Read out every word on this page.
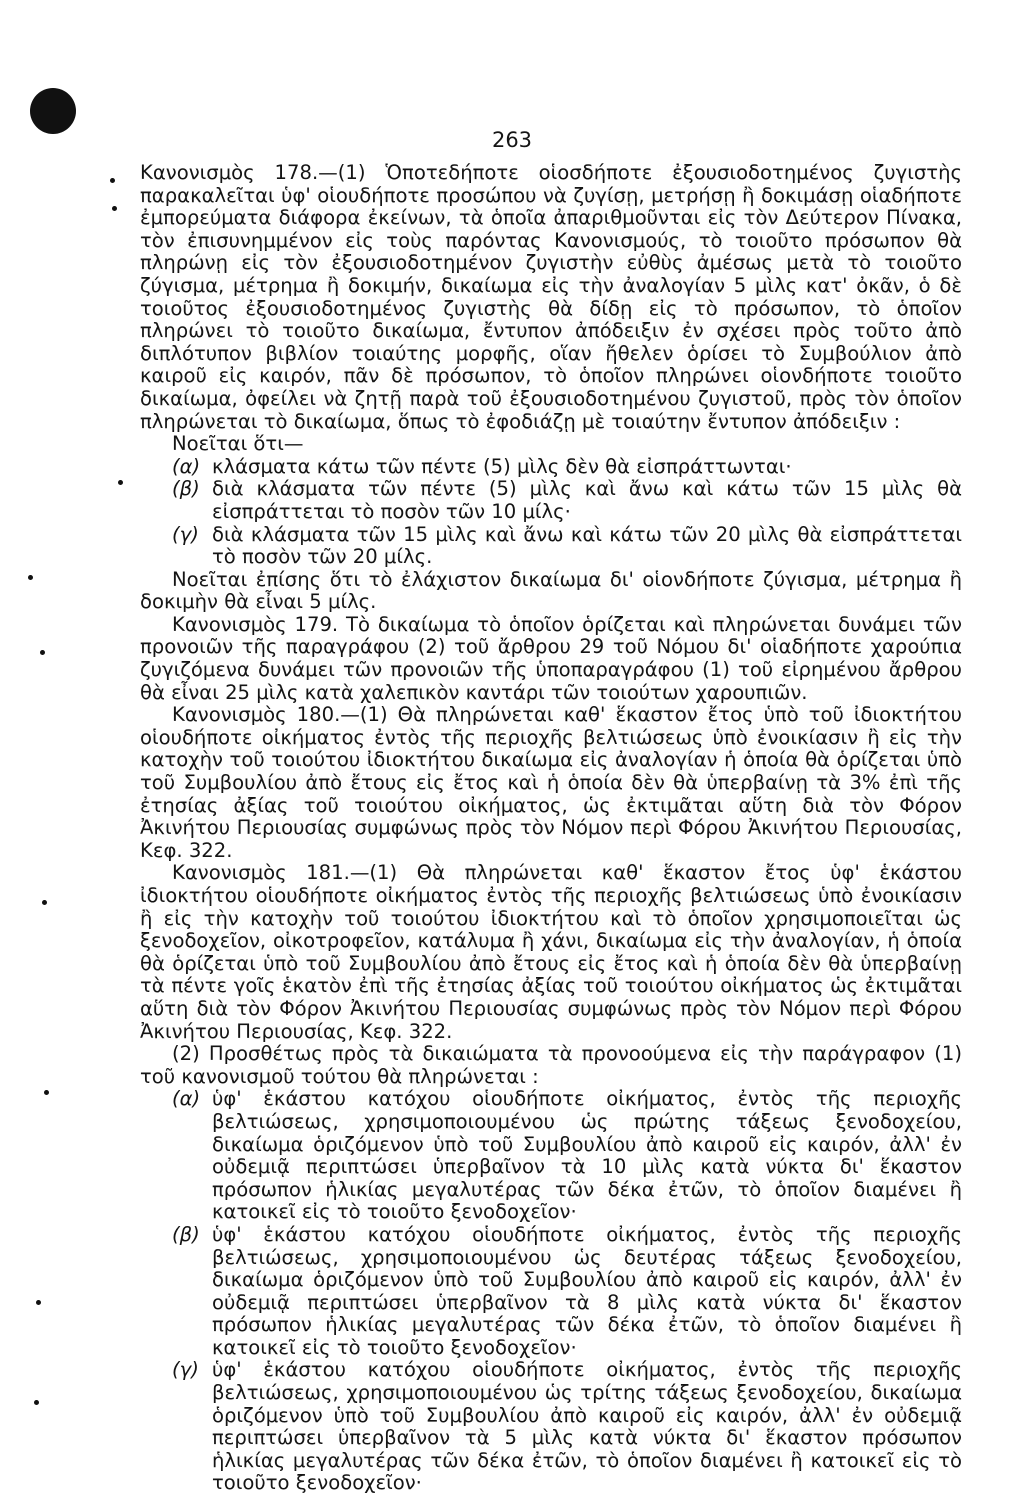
263

Κανονισμὸς 178.—(1) Ὁποτεδήποτε οἱοσδήποτε ἐξουσιοδοτημένος ζυγιστὴς παρακαλεῖται ὑφ' οἱουδήποτε προσώπου νὰ ζυγίσῃ, μετρήσῃ ἢ δοκιμάσῃ οἱαδήποτε ἐμπορεύματα διάφορα ἐκείνων, τὰ ὁποῖα ἀπαριθμοῦνται εἰς τὸν Δεύτερον Πίνακα, τὸν ἐπισυνημμένον εἰς τοὺς παρόντας Κανονισμούς, τὸ τοιοῦτο πρόσωπον θὰ πληρώνῃ εἰς τὸν ἐξουσιοδοτημένον ζυγιστὴν εὐθὺς ἀμέσως μετὰ τὸ τοιοῦτο ζύγισμα, μέτρημα ἢ δοκιμήν, δικαίωμα εἰς τὴν ἀναλογίαν 5 μὶλς κατ' ὀκᾶν, ὁ δὲ τοιοῦτος ἐξουσιοδοτημένος ζυγιστὴς θὰ δίδῃ εἰς τὸ πρόσωπον, τὸ ὁποῖον πληρώνει τὸ τοιοῦτο δικαίωμα, ἔντυπον ἀπόδειξιν ἐν σχέσει πρὸς τοῦτο ἀπὸ διπλότυπον βιβλίον τοιαύτης μορφῆς, οἵαν ἤθελεν ὁρίσει τὸ Συμβούλιον ἀπὸ καιροῦ εἰς καιρόν, πᾶν δὲ πρόσωπον, τὸ ὁποῖον πληρώνει οἱονδήποτε τοιοῦτο δικαίωμα, ὀφείλει νὰ ζητῇ παρὰ τοῦ ἐξουσιοδοτημένου ζυγιστοῦ, πρὸς τὸν ὁποῖον πληρώνεται τὸ δικαίωμα, ὅπως τὸ ἐφοδιάζῃ μὲ τοιαύτην ἔντυπον ἀπόδειξιν :

Νοεῖται ὅτι—

(α) κλάσματα κάτω τῶν πέντε (5) μὶλς δὲν θὰ εἰσπράττωνται·
(β) διὰ κλάσματα τῶν πέντε (5) μὶλς καὶ ἄνω καὶ κάτω τῶν 15 μὶλς θὰ εἰσπράττεται τὸ ποσὸν τῶν 10 μίλς·
(γ) διὰ κλάσματα τῶν 15 μὶλς καὶ ἄνω καὶ κάτω τῶν 20 μὶλς θὰ εἰσπράττεται τὸ ποσὸν τῶν 20 μίλς.

Νοεῖται ἐπίσης ὅτι τὸ ἐλάχιστον δικαίωμα δι' οἱονδήποτε ζύγισμα, μέτρημα ἢ δοκιμὴν θὰ εἶναι 5 μίλς.

Κανονισμὸς 179. Τὸ δικαίωμα τὸ ὁποῖον ὁρίζεται καὶ πληρώνεται δυνάμει τῶν προνοιῶν τῆς παραγράφου (2) τοῦ ἄρθρου 29 τοῦ Νόμου δι' οἱαδήποτε χαρούπια ζυγιζόμενα δυνάμει τῶν προνοιῶν τῆς ὑποπαραγράφου (1) τοῦ εἰρημένου ἄρθρου θὰ εἶναι 25 μὶλς κατὰ χαλεπικὸν καντάρι τῶν τοιούτων χαρουπιῶν.

Κανονισμὸς 180.—(1) Θὰ πληρώνεται καθ' ἕκαστον ἔτος ὑπὸ τοῦ ἰδιοκτήτου οἱουδήποτε οἰκήματος ἐντὸς τῆς περιοχῆς βελτιώσεως ὑπὸ ἐνοικίασιν ἢ εἰς τὴν κατοχὴν τοῦ τοιούτου ἰδιοκτήτου δικαίωμα εἰς ἀναλογίαν ἡ ὁποία θὰ ὁρίζεται ὑπὸ τοῦ Συμβουλίου ἀπὸ ἔτους εἰς ἔτος καὶ ἡ ὁποία δὲν θὰ ὑπερβαίνῃ τὰ 3% ἐπὶ τῆς ἐτησίας ἀξίας τοῦ τοιούτου οἰκήματος, ὡς ἐκτιμᾶται αὕτη διὰ τὸν Φόρον Ἀκινήτου Περιουσίας συμφώνως πρὸς τὸν Νόμον περὶ Φόρου Ἀκινήτου Περιουσίας, Κεφ. 322.

Κανονισμὸς 181.—(1) Θὰ πληρώνεται καθ' ἕκαστον ἔτος ὑφ' ἑκάστου ἰδιοκτήτου οἱουδήποτε οἰκήματος ἐντὸς τῆς περιοχῆς βελτιώσεως ὑπὸ ἐνοικίασιν ἢ εἰς τὴν κατοχὴν τοῦ τοιούτου ἰδιοκτήτου καὶ τὸ ὁποῖον χρησιμοποιεῖται ὡς ξενοδοχεῖον, οἰκοτροφεῖον, κατάλυμα ἢ χάνι, δικαίωμα εἰς τὴν ἀναλογίαν, ἡ ὁποία θὰ ὁρίζεται ὑπὸ τοῦ Συμβουλίου ἀπὸ ἔτους εἰς ἔτος καὶ ἡ ὁποία δὲν θὰ ὑπερβαίνῃ τὰ πέντε γοῖς ἑκατὸν ἐπὶ τῆς ἐτησίας ἀξίας τοῦ τοιούτου οἰκήματος ὡς ἐκτιμᾶται αὕτη διὰ τὸν Φόρον Ἀκινήτου Περιουσίας συμφώνως πρὸς τὸν Νόμον περὶ Φόρου Ἀκινήτου Περιουσίας, Κεφ. 322.

(2) Προσθέτως πρὸς τὰ δικαιώματα τὰ προνοούμενα εἰς τὴν παράγραφον (1) τοῦ κανονισμοῦ τούτου θὰ πληρώνεται :

(α) ὑφ' ἑκάστου κατόχου οἱουδήποτε οἰκήματος, ἐντὸς τῆς περιοχῆς βελτιώσεως, χρησιμοποιουμένου ὡς πρώτης τάξεως ξενοδοχείου, δικαίωμα ὁριζόμενον ὑπὸ τοῦ Συμβουλίου ἀπὸ καιροῦ εἰς καιρόν, ἀλλ' ἐν οὐδεμιᾷ περιπτώσει ὑπερβαῖνον τὰ 10 μὶλς κατὰ νύκτα δι' ἕκαστον πρόσωπον ἡλικίας μεγαλυτέρας τῶν δέκα ἐτῶν, τὸ ὁποῖον διαμένει ἢ κατοικεῖ εἰς τὸ τοιοῦτο ξενοδοχεῖον·
(β) ὑφ' ἑκάστου κατόχου οἱουδήποτε οἰκήματος, ἐντὸς τῆς περιοχῆς βελτιώσεως, χρησιμοποιουμένου ὡς δευτέρας τάξεως ξενοδοχείου, δικαίωμα ὁριζόμενον ὑπὸ τοῦ Συμβουλίου ἀπὸ καιροῦ εἰς καιρόν, ἀλλ' ἐν οὐδεμιᾷ περιπτώσει ὑπερβαῖνον τὰ 8 μὶλς κατὰ νύκτα δι' ἕκαστον πρόσωπον ἡλικίας μεγαλυτέρας τῶν δέκα ἐτῶν, τὸ ὁποῖον διαμένει ἢ κατοικεῖ εἰς τὸ τοιοῦτο ξενοδοχεῖον·
(γ) ὑφ' ἑκάστου κατόχου οἱουδήποτε οἰκήματος, ἐντὸς τῆς περιοχῆς βελτιώσεως, χρησιμοποιουμένου ὡς τρίτης τάξεως ξενοδοχείου, δικαίωμα ὁριζόμενον ὑπὸ τοῦ Συμβουλίου ἀπὸ καιροῦ εἰς καιρόν, ἀλλ' ἐν οὐδεμιᾷ περιπτώσει ὑπερβαῖνον τὰ 5 μὶλς κατὰ νύκτα δι' ἕκαστον πρόσωπον ἡλικίας μεγαλυτέρας τῶν δέκα ἐτῶν, τὸ ὁποῖον διαμένει ἢ κατοικεῖ εἰς τὸ τοιοῦτο ξενοδοχεῖον·
